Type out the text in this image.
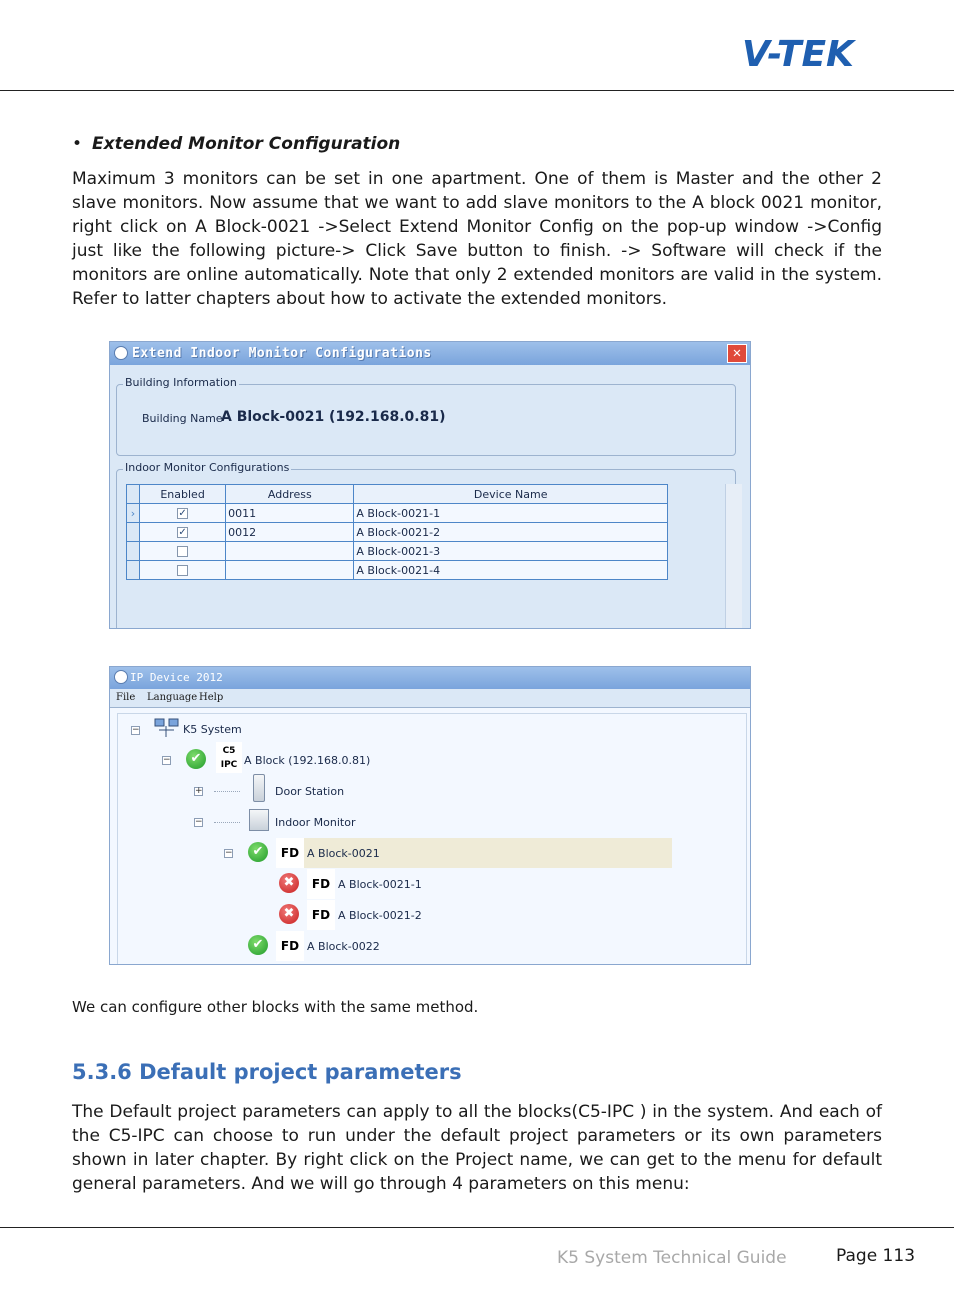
V-TEK
• Extended Monitor Configuration
Maximum 3 monitors can be set in one apartment. One of them is Master and the other 2 slave monitors. Now assume that we want to add slave monitors to the A block 0021 monitor, right click on A Block-0021 ->Select Extend Monitor Config on the pop-up window ->Config just like the following picture-> Click Save button to finish. -> Software will check if the monitors are online automatically. Note that only 2 extended monitors are valid in the system. Refer to latter chapters about how to activate the extended monitors.
Extend Indoor Monitor Configurations	✕
Building Information
Building Name
A Block-0021 (192.168.0.81)
Indoor Monitor Configurations
	Enabled	Address	Device Name
›	✓	0011	A Block-0021-1
	✓	0012	A Block-0021-2
			A Block-0021-3
			A Block-0021-4
IP Device 2012
File Language Help
−	K5 System
−	✔	C5
IPC A Block (192.168.0.81)
+	Door Station
−	Indoor Monitor
−	✔	FD A Block-0021
✖	FD A Block-0021-1
✖	FD A Block-0021-2
✔	FD A Block-0022
We can configure other blocks with the same method.
5.3.6 Default project parameters
The Default project parameters can apply to all the blocks(C5-IPC ) in the system. And each of the C5-IPC can choose to run under the default project parameters or its own parameters shown in later chapter. By right click on the Project name, we can get to the menu for default general parameters. And we will go through 4 parameters on this menu:
K5 System Technical Guide	Page 113
